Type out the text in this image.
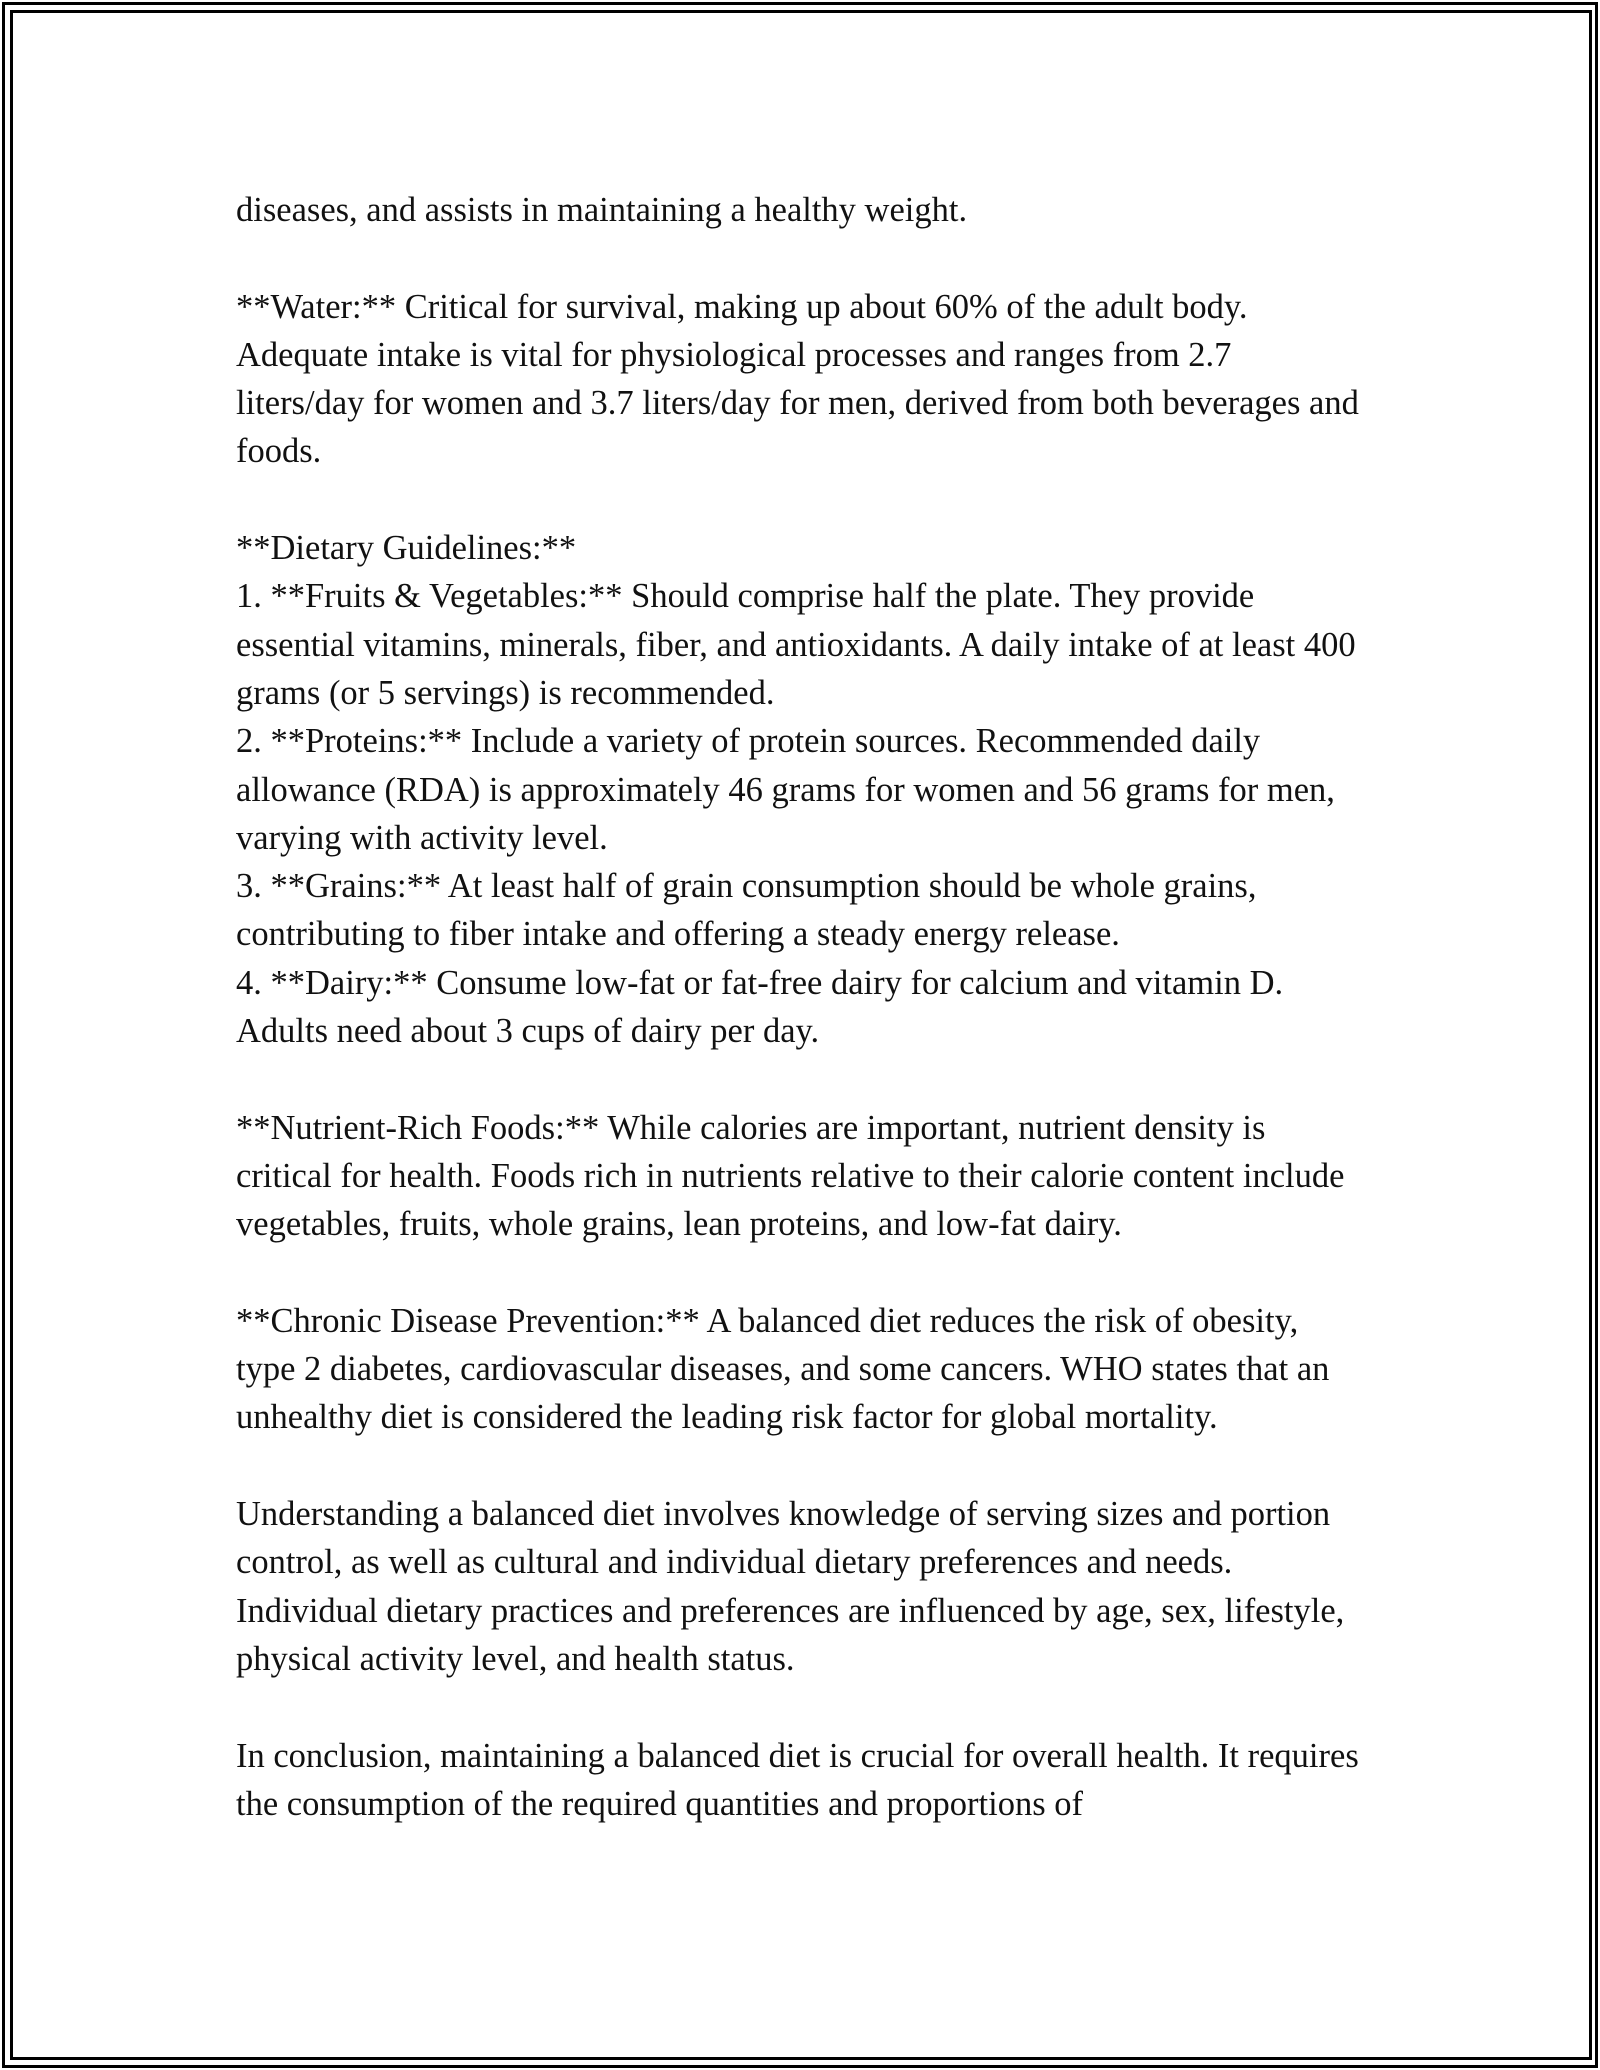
diseases, and assists in maintaining a healthy weight.

**Water:** Critical for survival, making up about 60% of the adult body. Adequate intake is vital for physiological processes and ranges from 2.7 liters/day for women and 3.7 liters/day for men, derived from both beverages and foods.

**Dietary Guidelines:**

1. **Fruits & Vegetables:** Should comprise half the plate. They provide essential vitamins, minerals, fiber, and antioxidants. A daily intake of at least 400 grams (or 5 servings) is recommended.

2. **Proteins:** Include a variety of protein sources. Recommended daily allowance (RDA) is approximately 46 grams for women and 56 grams for men, varying with activity level.

3. **Grains:** At least half of grain consumption should be whole grains, contributing to fiber intake and offering a steady energy release.

4. **Dairy:** Consume low-fat or fat-free dairy for calcium and vitamin D. Adults need about 3 cups of dairy per day.

**Nutrient-Rich Foods:** While calories are important, nutrient density is critical for health. Foods rich in nutrients relative to their calorie content include vegetables, fruits, whole grains, lean proteins, and low-fat dairy.

**Chronic Disease Prevention:** A balanced diet reduces the risk of obesity, type 2 diabetes, cardiovascular diseases, and some cancers. WHO states that an unhealthy diet is considered the leading risk factor for global mortality.

Understanding a balanced diet involves knowledge of serving sizes and portion control, as well as cultural and individual dietary preferences and needs. Individual dietary practices and preferences are influenced by age, sex, lifestyle, physical activity level, and health status.

In conclusion, maintaining a balanced diet is crucial for overall health. It requires the consumption of the required quantities and proportions of
